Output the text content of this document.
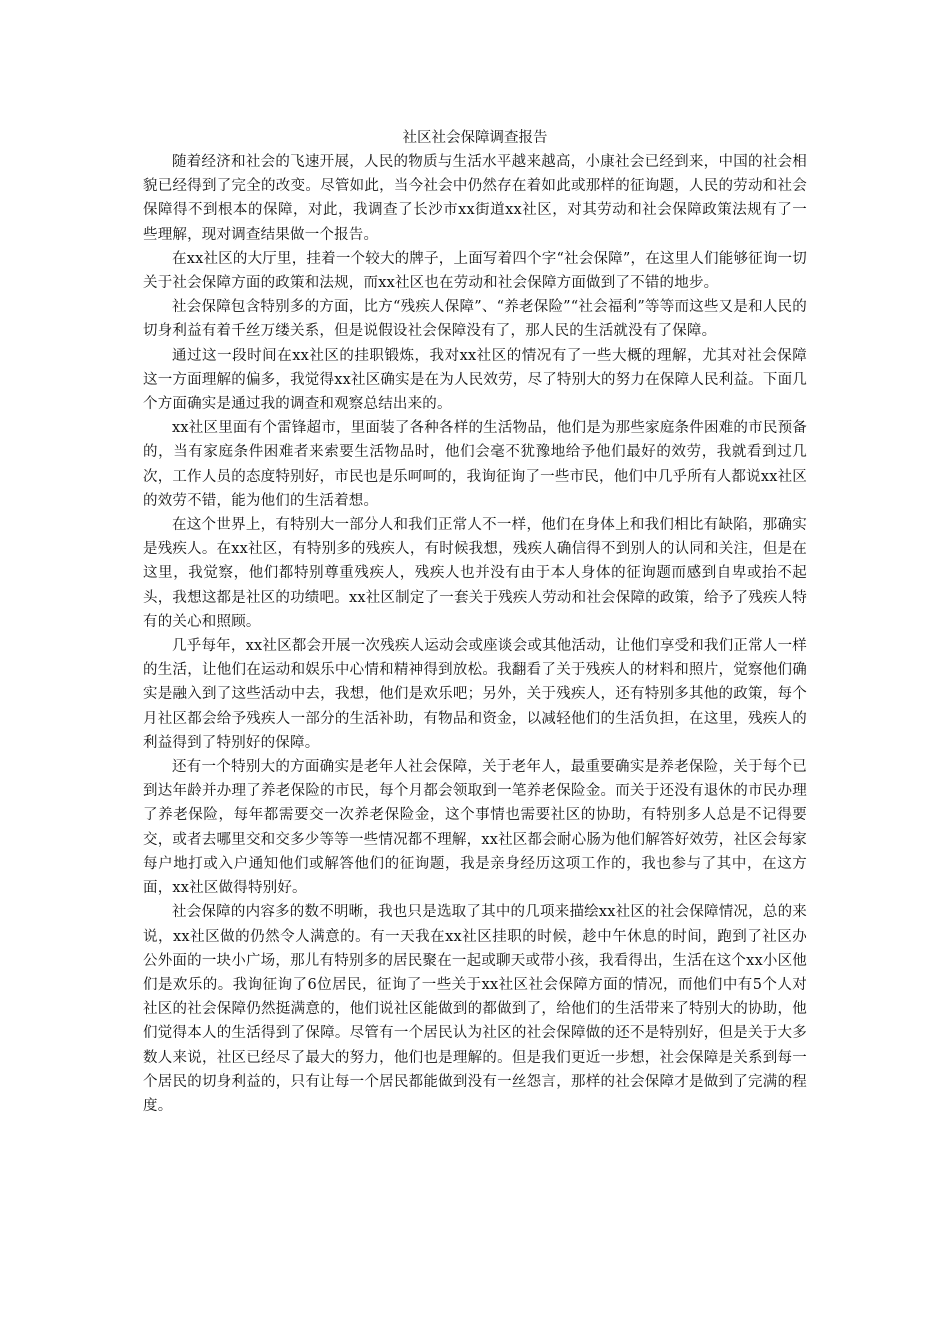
社区社会保障调查报告

随着经济和社会的飞速开展，人民的物质与生活水平越来越高，小康社会已经到来，中国的社会相貌已经得到了完全的改变。尽管如此，当今社会中仍然存在着如此或那样的征询题，人民的劳动和社会保障得不到根本的保障，对此，我调查了长沙市xx街道xx社区，对其劳动和社会保障政策法规有了一些理解，现对调查结果做一个报告。

在xx社区的大厅里，挂着一个较大的牌子，上面写着四个字“社会保障”，在这里人们能够征询一切关于社会保障方面的政策和法规，而xx社区也在劳动和社会保障方面做到了不错的地步。

社会保障包含特别多的方面，比方“残疾人保障”、“养老保险”“社会福利”等等而这些又是和人民的切身利益有着千丝万缕关系，但是说假设社会保障没有了，那人民的生活就没有了保障。

通过这一段时间在xx社区的挂职锻炼，我对xx社区的情况有了一些大概的理解，尤其对社会保障这一方面理解的偏多，我觉得xx社区确实是在为人民效劳，尽了特别大的努力在保障人民利益。下面几个方面确实是通过我的调查和观察总结出来的。

xx社区里面有个雷锋超市，里面装了各种各样的生活物品，他们是为那些家庭条件困难的市民预备的，当有家庭条件困难者来索要生活物品时，他们会毫不犹豫地给予他们最好的效劳，我就看到过几次，工作人员的态度特别好，市民也是乐呵呵的，我询征询了一些市民，他们中几乎所有人都说xx社区的效劳不错，能为他们的生活着想。

在这个世界上，有特别大一部分人和我们正常人不一样，他们在身体上和我们相比有缺陷，那确实是残疾人。在xx社区，有特别多的残疾人，有时候我想，残疾人确信得不到别人的认同和关注，但是在这里，我觉察，他们都特别尊重残疾人，残疾人也并没有由于本人身体的征询题而感到自卑或抬不起头，我想这都是社区的功绩吧。xx社区制定了一套关于残疾人劳动和社会保障的政策，给予了残疾人特有的关心和照顾。

几乎每年，xx社区都会开展一次残疾人运动会或座谈会或其他活动，让他们享受和我们正常人一样的生活，让他们在运动和娱乐中心情和精神得到放松。我翻看了关于残疾人的材料和照片，觉察他们确实是融入到了这些活动中去，我想，他们是欢乐吧；另外，关于残疾人，还有特别多其他的政策，每个月社区都会给予残疾人一部分的生活补助，有物品和资金，以减轻他们的生活负担，在这里，残疾人的利益得到了特别好的保障。

还有一个特别大的方面确实是老年人社会保障，关于老年人，最重要确实是养老保险，关于每个已到达年龄并办理了养老保险的市民，每个月都会领取到一笔养老保险金。而关于还没有退休的市民办理了养老保险，每年都需要交一次养老保险金，这个事情也需要社区的协助，有特别多人总是不记得要交，或者去哪里交和交多少等等一些情况都不理解，xx社区都会耐心肠为他们解答好效劳，社区会每家每户地打或入户通知他们或解答他们的征询题，我是亲身经历这项工作的，我也参与了其中，在这方面，xx社区做得特别好。

社会保障的内容多的数不明晰，我也只是选取了其中的几项来描绘xx社区的社会保障情况，总的来说，xx社区做的仍然令人满意的。有一天我在xx社区挂职的时候，趁中午休息的时间，跑到了社区办公外面的一块小广场，那儿有特别多的居民聚在一起或聊天或带小孩，我看得出，生活在这个xx小区他们是欢乐的。我询征询了6位居民，征询了一些关于xx社区社会保障方面的情况，而他们中有5个人对社区的社会保障仍然挺满意的，他们说社区能做到的都做到了，给他们的生活带来了特别大的协助，他们觉得本人的生活得到了保障。尽管有一个居民认为社区的社会保障做的还不是特别好，但是关于大多数人来说，社区已经尽了最大的努力，他们也是理解的。但是我们更近一步想，社会保障是关系到每一个居民的切身利益的，只有让每一个居民都能做到没有一丝怨言，那样的社会保障才是做到了完满的程度。
